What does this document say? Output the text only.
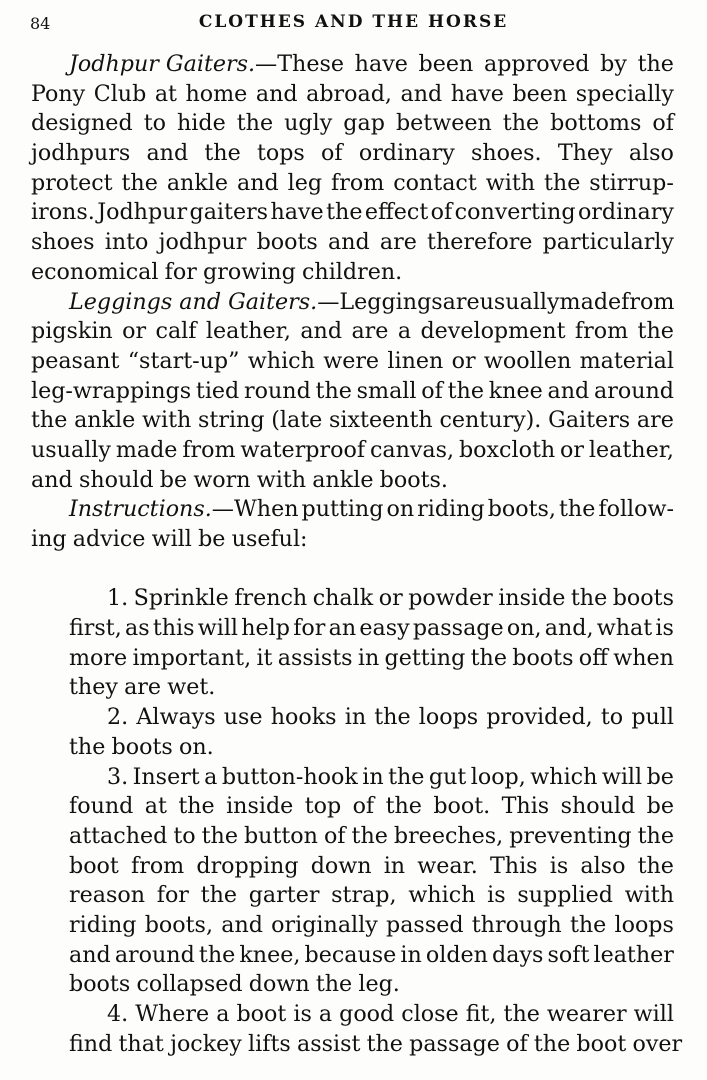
84	CLOTHES AND THE HORSE
Jodhpur Gaiters.—These have been approved by the
Pony Club at home and abroad, and have been specially
designed to hide the ugly gap between the bottoms of
jodhpurs and the tops of ordinary shoes. They also
protect the ankle and leg from contact with the stirrup-
irons. Jodhpur gaiters have the effect of converting ordinary
shoes into jodhpur boots and are therefore particularly
economical for growing children.
Leggings and Gaiters.—Leggings are usually made from
pigskin or calf leather, and are a development from the
peasant “start-up” which were linen or woollen material
leg-wrappings tied round the small of the knee and around
the ankle with string (late sixteenth century). Gaiters are
usually made from waterproof canvas, boxcloth or leather,
and should be worn with ankle boots.
Instructions.—When putting on riding boots, the follow-
ing advice will be useful:
1. Sprinkle french chalk or powder inside the boots
first, as this will help for an easy passage on, and, what is
more important, it assists in getting the boots off when
they are wet.
2. Always use hooks in the loops provided, to pull
the boots on.
3. Insert a button-hook in the gut loop, which will be
found at the inside top of the boot. This should be
attached to the button of the breeches, preventing the
boot from dropping down in wear. This is also the
reason for the garter strap, which is supplied with
riding boots, and originally passed through the loops
and around the knee, because in olden days soft leather
boots collapsed down the leg.
4. Where a boot is a good close fit, the wearer will
find that jockey lifts assist the passage of the boot over
